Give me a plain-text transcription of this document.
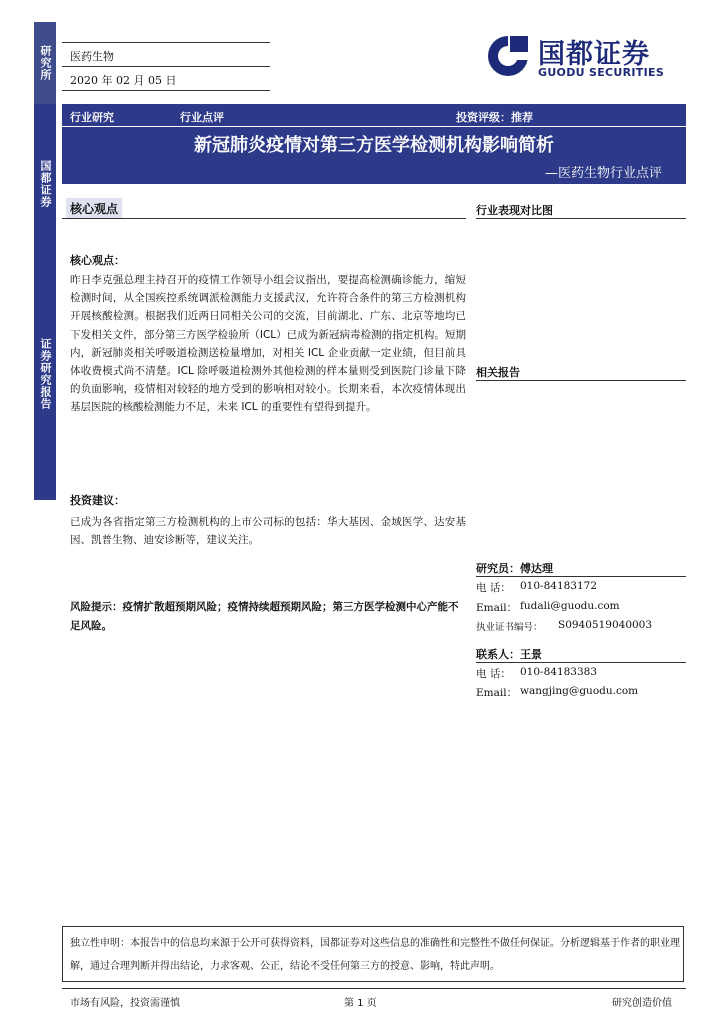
研究所
国都证券
证券研究报告
医药生物
2020 年 02 月 05 日
国都证券
GUODU SECURITIES
行业研究	行业点评	投资评级：推荐
新冠肺炎疫情对第三方医学检测机构影响简析
—医药生物行业点评
核心观点
核心观点：
昨日李克强总理主持召开的疫情工作领导小组会议指出，要提高检测确诊能力，缩短检测时间，从全国疾控系统调派检测能力支援武汉，允许符合条件的第三方检测机构开展核酸检测。根据我们近两日同相关公司的交流，目前湖北、广东、北京等地均已下发相关文件，部分第三方医学检验所（ICL）已成为新冠病毒检测的指定机构。短期内，新冠肺炎相关呼吸道检测送检量增加，对相关 ICL 企业贡献一定业绩，但目前具体收费模式尚不清楚。ICL 除呼吸道检测外其他检测的样本量则受到医院门诊量下降的负面影响，疫情相对较轻的地方受到的影响相对较小。长期来看，本次疫情体现出基层医院的核酸检测能力不足，未来 ICL 的重要性有望得到提升。
投资建议：
已成为各省指定第三方检测机构的上市公司标的包括：华大基因、金域医学、达安基因、凯普生物、迪安诊断等，建议关注。
风险提示：疫情扩散超预期风险；疫情持续超预期风险；第三方医学检测中心产能不足风险。
行业表现对比图
相关报告
研究员：傅达理
电 话： 010-84183172
Email： fudali@guodu.com
执业证书编号： S0940519040003
联系人：王景
电 话： 010-84183383
Email： wangjing@guodu.com
独立性申明：本报告中的信息均来源于公开可获得资料，国都证券对这些信息的准确性和完整性不做任何保证。分析逻辑基于作者的职业理解，通过合理判断并得出结论，力求客观、公正，结论不受任何第三方的授意、影响，特此声明。
市场有风险，投资需谨慎	第 1 页	研究创造价值
